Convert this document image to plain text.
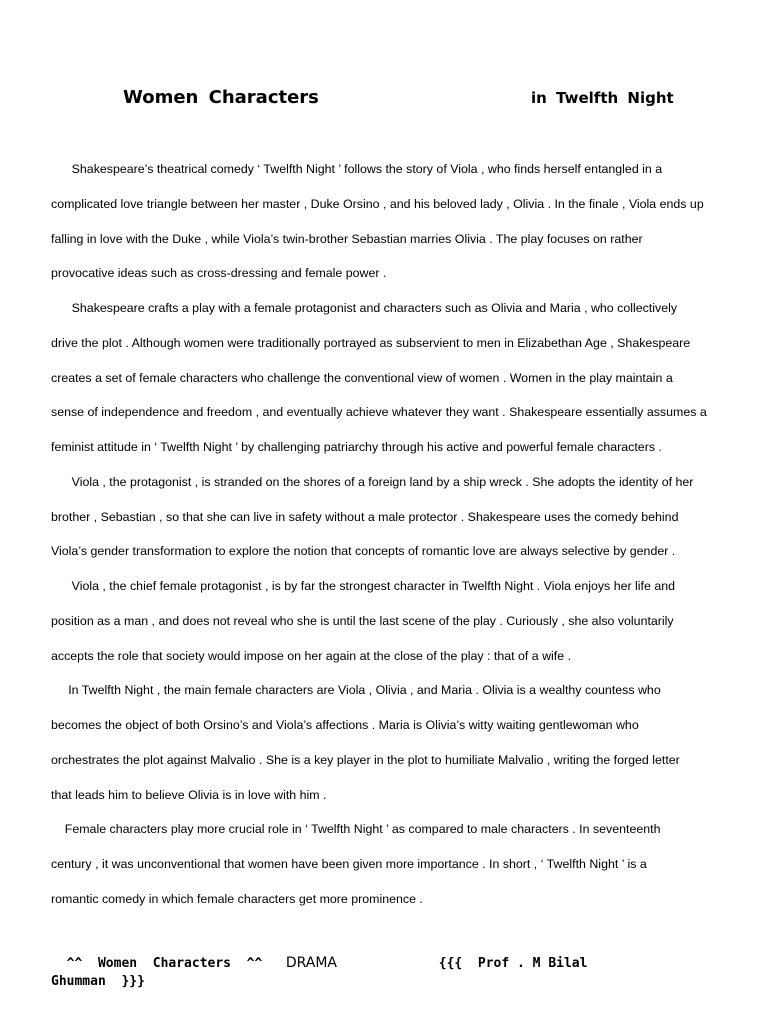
Women Characters	in Twelfth Night
Shakespeare’s theatrical comedy ‘ Twelfth Night ’ follows the story of Viola , who finds herself entangled in a
complicated love triangle between her master , Duke Orsino , and his beloved lady , Olivia . In the finale , Viola ends up
falling in love with the Duke , while Viola’s twin-brother Sebastian marries Olivia . The play focuses on rather
provocative ideas such as cross-dressing and female power .
Shakespeare crafts a play with a female protagonist and characters such as Olivia and Maria , who collectively
drive the plot . Although women were traditionally portrayed as subservient to men in Elizabethan Age , Shakespeare
creates a set of female characters who challenge the conventional view of women . Women in the play maintain a
sense of independence and freedom , and eventually achieve whatever they want . Shakespeare essentially assumes a
feminist attitude in ‘ Twelfth Night ’ by challenging patriarchy through his active and powerful female characters .
Viola , the protagonist , is stranded on the shores of a foreign land by a ship wreck . She adopts the identity of her
brother , Sebastian , so that she can live in safety without a male protector . Shakespeare uses the comedy behind
Viola’s gender transformation to explore the notion that concepts of romantic love are always selective by gender .
Viola , the chief female protagonist , is by far the strongest character in Twelfth Night . Viola enjoys her life and
position as a man , and does not reveal who she is until the last scene of the play . Curiously , she also voluntarily
accepts the role that society would impose on her again at the close of the play : that of a wife .
In Twelfth Night , the main female characters are Viola , Olivia , and Maria . Olivia is a wealthy countess who
becomes the object of both Orsino’s and Viola’s affections . Maria is Olivia’s witty waiting gentlewoman who
orchestrates the plot against Malvalio . She is a key player in the plot to humiliate Malvalio , writing the forged letter
that leads him to believe Olivia is in love with him .
Female characters play more crucial role in ‘ Twelfth Night ’ as compared to male characters . In seventeenth
century , it was unconventional that women have been given more importance . In short , ‘ Twelfth Night ’ is a
romantic comedy in which female characters get more prominence .
^^  Women  Characters  ^^   DRAMA             {{{  Prof . M Bilal
Ghumman  }}}
